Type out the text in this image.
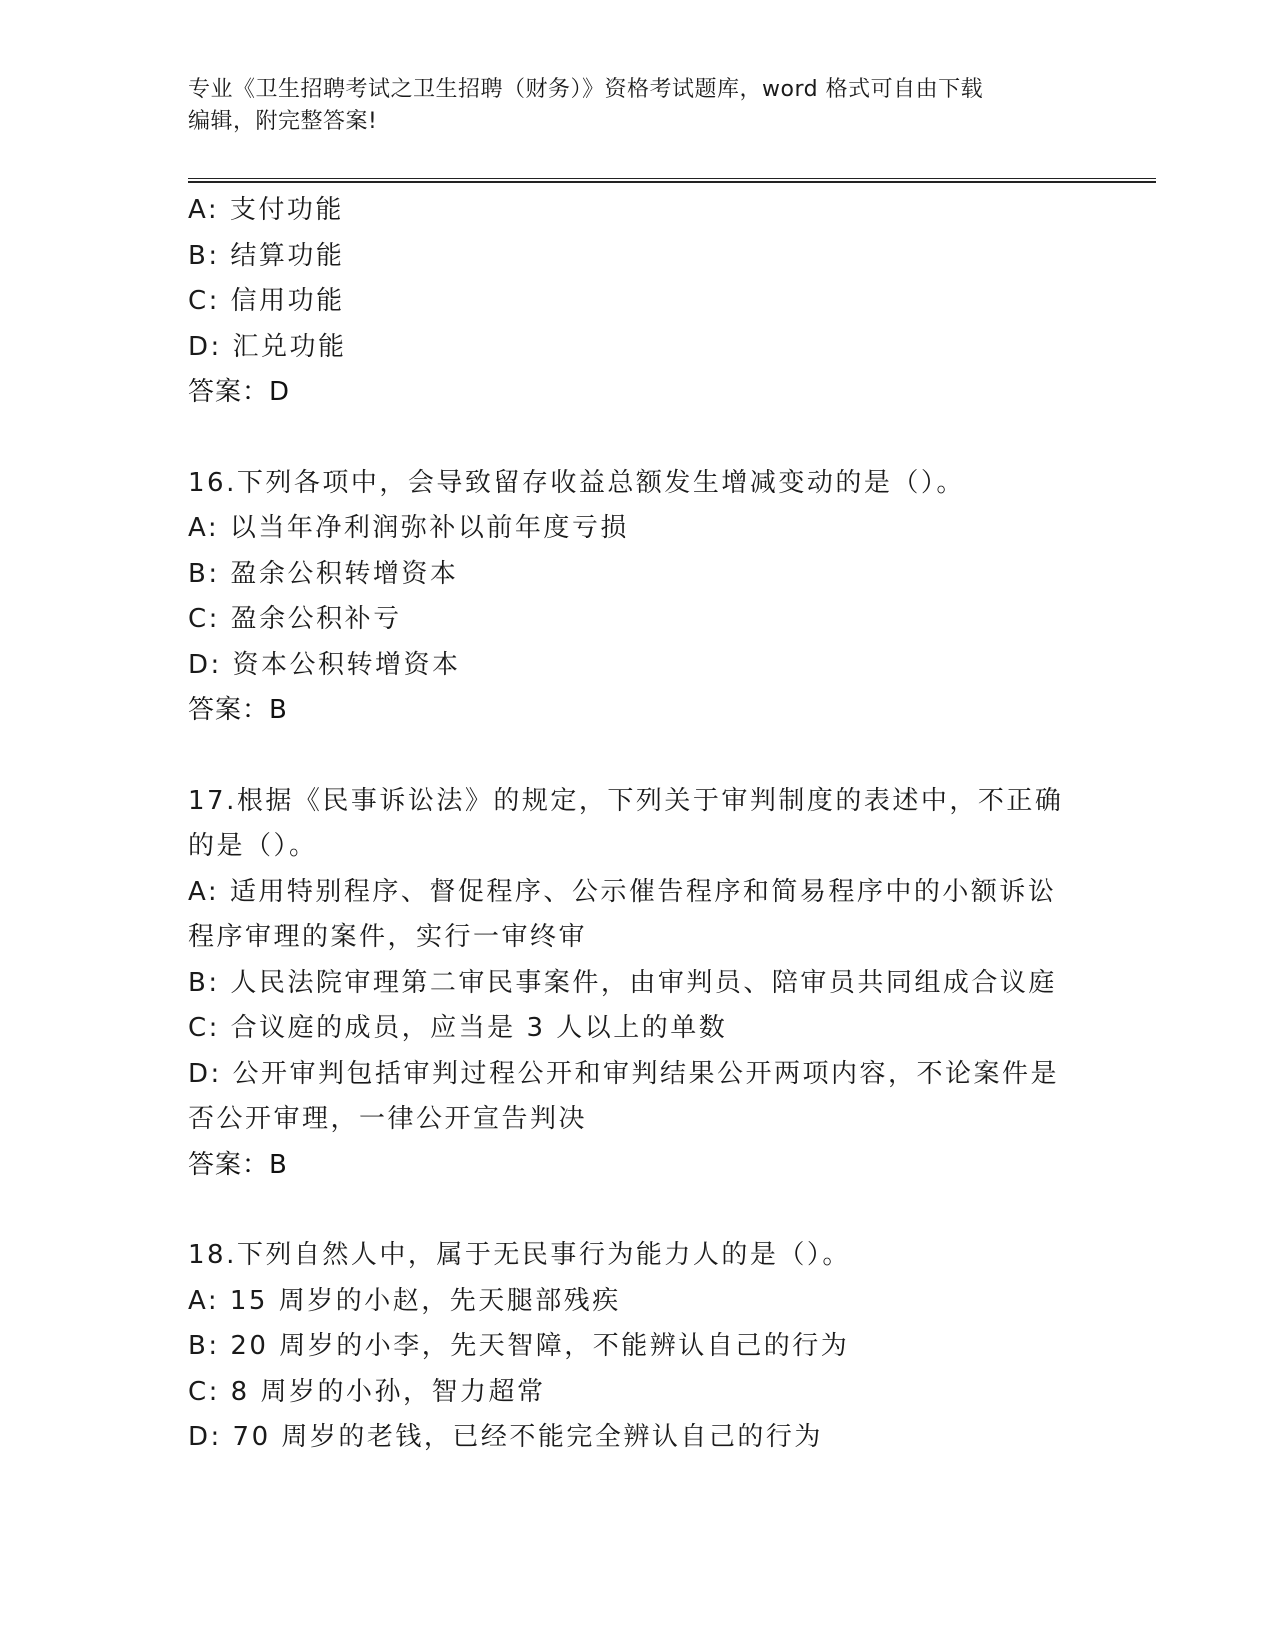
专业《卫生招聘考试之卫生招聘（财务）》资格考试题库，word 格式可自由下载
编辑，附完整答案!
A: 支付功能
B: 结算功能
C: 信用功能
D: 汇兑功能
答案：D
16.下列各项中，会导致留存收益总额发生增减变动的是（）。
A: 以当年净利润弥补以前年度亏损
B: 盈余公积转增资本
C: 盈余公积补亏
D: 资本公积转增资本
答案：B
17.根据《民事诉讼法》的规定，下列关于审判制度的表述中，不正确
的是（）。
A: 适用特别程序、督促程序、公示催告程序和简易程序中的小额诉讼
程序审理的案件，实行一审终审
B: 人民法院审理第二审民事案件，由审判员、陪审员共同组成合议庭
C: 合议庭的成员，应当是 3 人以上的单数
D: 公开审判包括审判过程公开和审判结果公开两项内容，不论案件是
否公开审理，一律公开宣告判决
答案：B
18.下列自然人中，属于无民事行为能力人的是（）。
A: 15 周岁的小赵，先天腿部残疾
B: 20 周岁的小李，先天智障，不能辨认自己的行为
C: 8 周岁的小孙，智力超常
D: 70 周岁的老钱，已经不能完全辨认自己的行为
